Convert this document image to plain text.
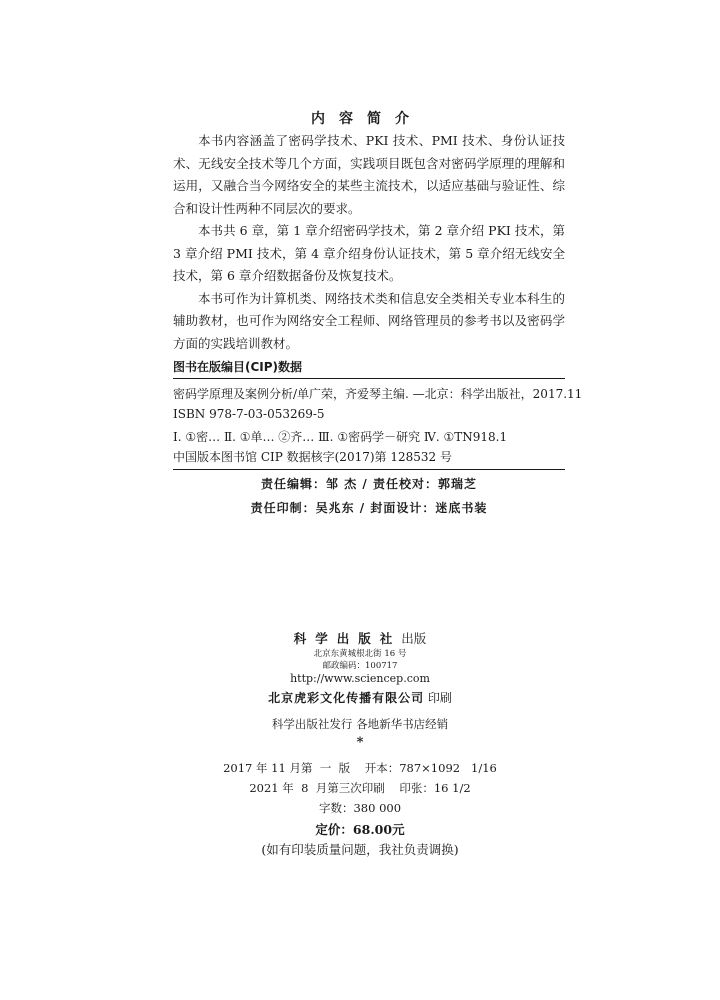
内容简介

本书内容涵盖了密码学技术、PKI 技术、PMI 技术、身份认证技术、无线安全技术等几个方面，实践项目既包含对密码学原理的理解和运用，又融合当今网络安全的某些主流技术，以适应基础与验证性、综合和设计性两种不同层次的要求。

本书共 6 章，第 1 章介绍密码学技术，第 2 章介绍 PKI 技术，第 3 章介绍 PMI 技术，第 4 章介绍身份认证技术，第 5 章介绍无线安全技术，第 6 章介绍数据备份及恢复技术。

本书可作为计算机类、网络技术类和信息安全类相关专业本科生的辅助教材，也可作为网络安全工程师、网络管理员的参考书以及密码学方面的实践培训教材。

图书在版编目(CIP)数据
密码学原理及案例分析/单广荣，齐爱琴主编. —北京：科学出版社，2017.11
ISBN 978-7-03-053269-5
Ⅰ. ①密… Ⅱ. ①单… ②齐… Ⅲ. ①密码学－研究 Ⅳ. ①TN918.1
中国版本图书馆 CIP 数据核字(2017)第 128532 号
责任编辑：邹 杰 / 责任校对：郭瑞芝
责任印制：吴兆东 / 封面设计：迷底书装
科学出版社出版
北京东黄城根北街 16 号
邮政编码：100717
http://www.sciencep.com
北京虎彩文化传播有限公司 印刷
科学出版社发行 各地新华书店经销
*
2017 年 11 月第  一  版    开本：787×1092   1/16
2021 年  8  月第三次印刷    印张：16 1/2
字数：380 000
定价：68.00元
(如有印装质量问题，我社负责调换)
